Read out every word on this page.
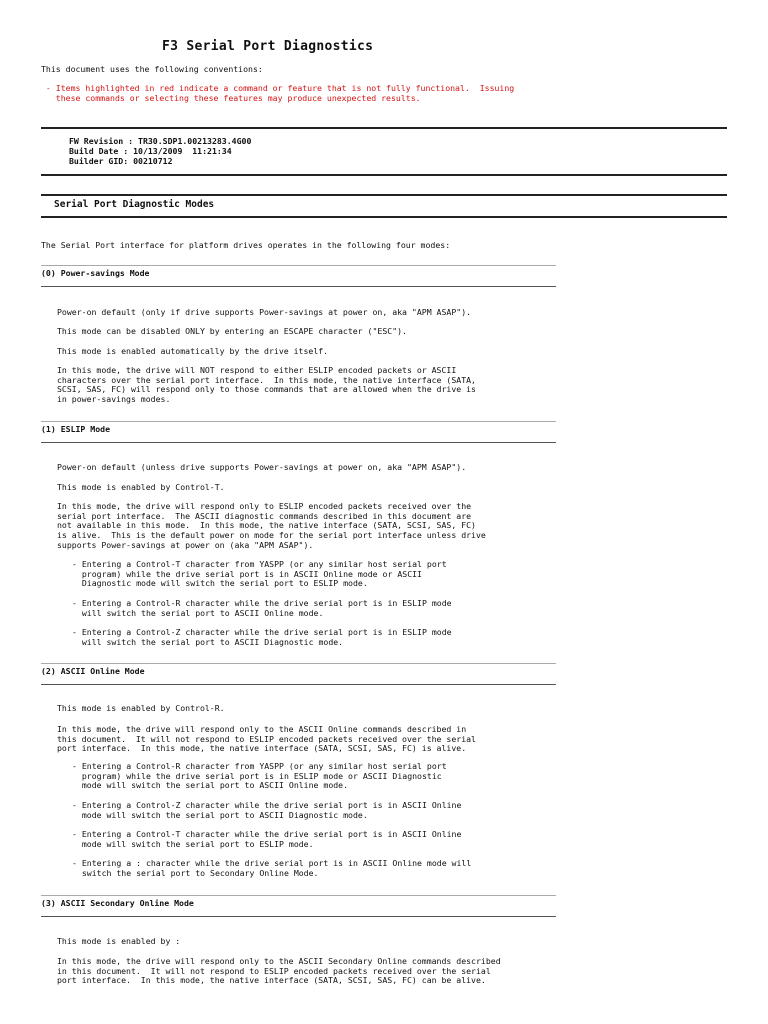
F3 Serial Port Diagnostics
This document uses the following conventions:
- Items highlighted in red indicate a command or feature that is not fully functional.  Issuing
these commands or selecting these features may produce unexpected results.
FW Revision : TR30.SDP1.00213283.4G00
Build Date : 10/13/2009  11:21:34
Builder GID: 00210712
Serial Port Diagnostic Modes
The Serial Port interface for platform drives operates in the following four modes:
(0) Power-savings Mode
Power-on default (only if drive supports Power-savings at power on, aka "APM ASAP").
This mode can be disabled ONLY by entering an ESCAPE character ("ESC").
This mode is enabled automatically by the drive itself.
In this mode, the drive will NOT respond to either ESLIP encoded packets or ASCII
characters over the serial port interface.  In this mode, the native interface (SATA,
SCSI, SAS, FC) will respond only to those commands that are allowed when the drive is
in power-savings modes.
(1) ESLIP Mode
Power-on default (unless drive supports Power-savings at power on, aka "APM ASAP").
This mode is enabled by Control-T.
In this mode, the drive will respond only to ESLIP encoded packets received over the
serial port interface.  The ASCII diagnostic commands described in this document are
not available in this mode.  In this mode, the native interface (SATA, SCSI, SAS, FC)
is alive.  This is the default power on mode for the serial port interface unless drive
supports Power-savings at power on (aka "APM ASAP").
- Entering a Control-T character from YASPP (or any similar host serial port
program) while the drive serial port is in ASCII Online mode or ASCII
Diagnostic mode will switch the serial port to ESLIP mode.
- Entering a Control-R character while the drive serial port is in ESLIP mode
will switch the serial port to ASCII Online mode.
- Entering a Control-Z character while the drive serial port is in ESLIP mode
will switch the serial port to ASCII Diagnostic mode.
(2) ASCII Online Mode
This mode is enabled by Control-R.
In this mode, the drive will respond only to the ASCII Online commands described in
this document.  It will not respond to ESLIP encoded packets received over the serial
port interface.  In this mode, the native interface (SATA, SCSI, SAS, FC) is alive.
- Entering a Control-R character from YASPP (or any similar host serial port
program) while the drive serial port is in ESLIP mode or ASCII Diagnostic
mode will switch the serial port to ASCII Online mode.
- Entering a Control-Z character while the drive serial port is in ASCII Online
mode will switch the serial port to ASCII Diagnostic mode.
- Entering a Control-T character while the drive serial port is in ASCII Online
mode will switch the serial port to ESLIP mode.
- Entering a : character while the drive serial port is in ASCII Online mode will
switch the serial port to Secondary Online Mode.
(3) ASCII Secondary Online Mode
This mode is enabled by :
In this mode, the drive will respond only to the ASCII Secondary Online commands described
in this document.  It will not respond to ESLIP encoded packets received over the serial
port interface.  In this mode, the native interface (SATA, SCSI, SAS, FC) can be alive.
